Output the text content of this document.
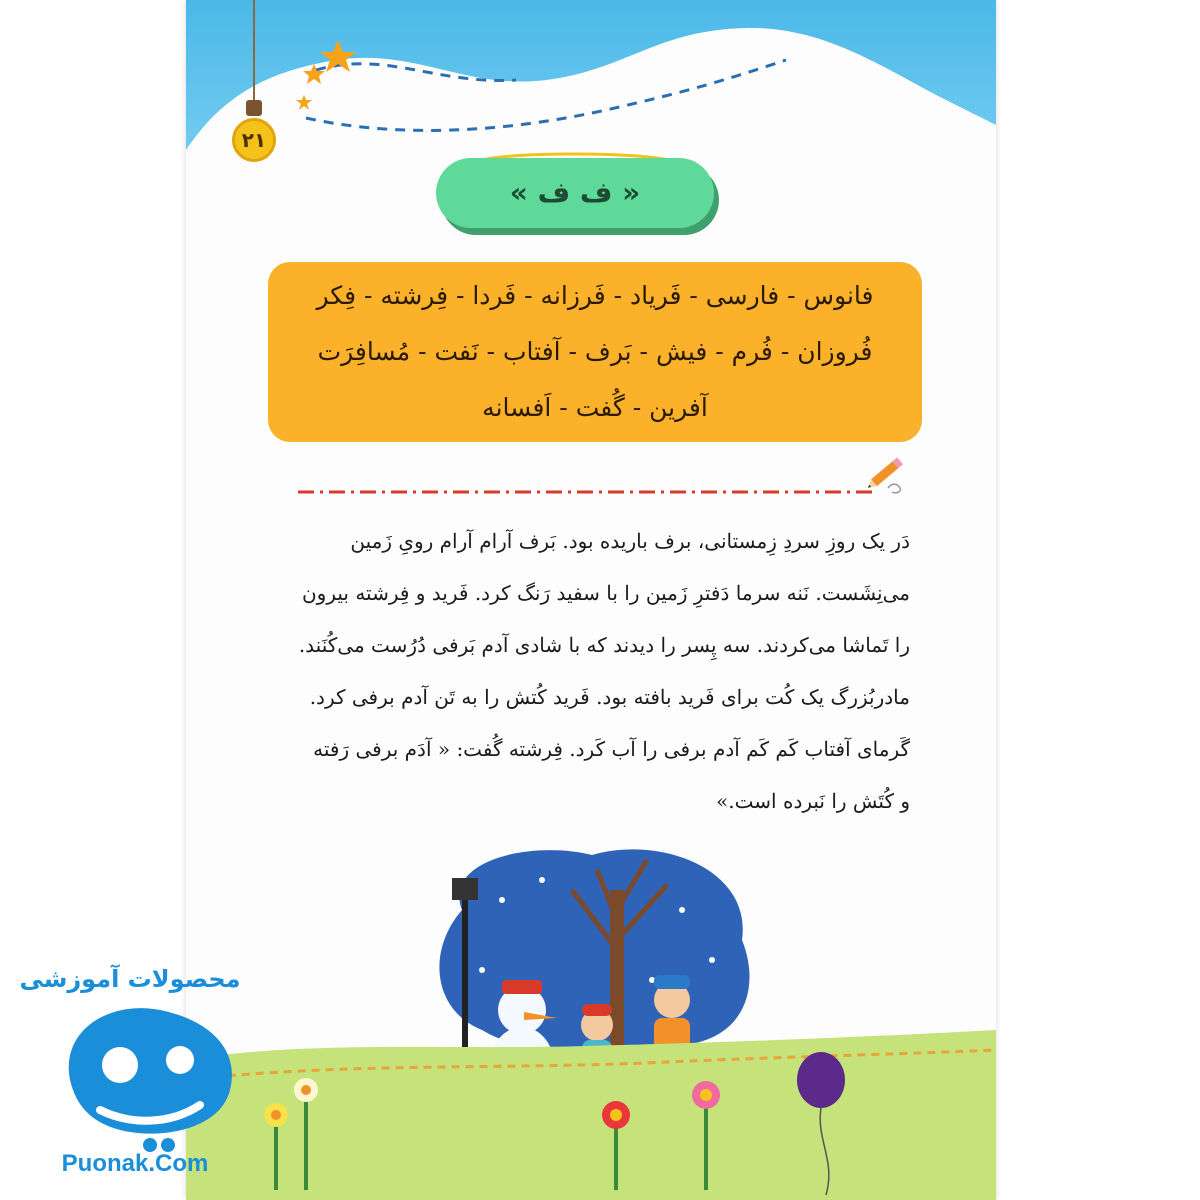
۲۱
« ف ف »
فانوس - فارسی - فَریاد - فَرزانه - فَردا - فِرشته - فِکر
فُروزان - فُرم - فیش - بَرف - آفتاب - نَفت - مُسافِرَت
آفرین - گُفت - اَفسانه

دَر یک روزِ سردِ زِمستانی، برف باریده بود. بَرف آرام آرام رویِ زَمین

می‌نِشَست. نَنه سرما دَفترِ زَمین را با سفید رَنگ کرد. فَرید و فِرشته بیرون

را تَماشا می‌کردند. سه پِسر را دیدند که با شادی آدم بَرفی دُرُست می‌کُنَند.

مادربُزرگ یک کُت برای فَرید بافته بود. فَرید کُتش را به تَن آدم برفی کرد.

گَرمای آفتاب کَم کَم آدم برفی را آب کَرد. فِرشته گُفت: « آدَم برفی رَفته

و کُتَش را نَبرده است.»

محصولات آموزشی
Puonak.Com
